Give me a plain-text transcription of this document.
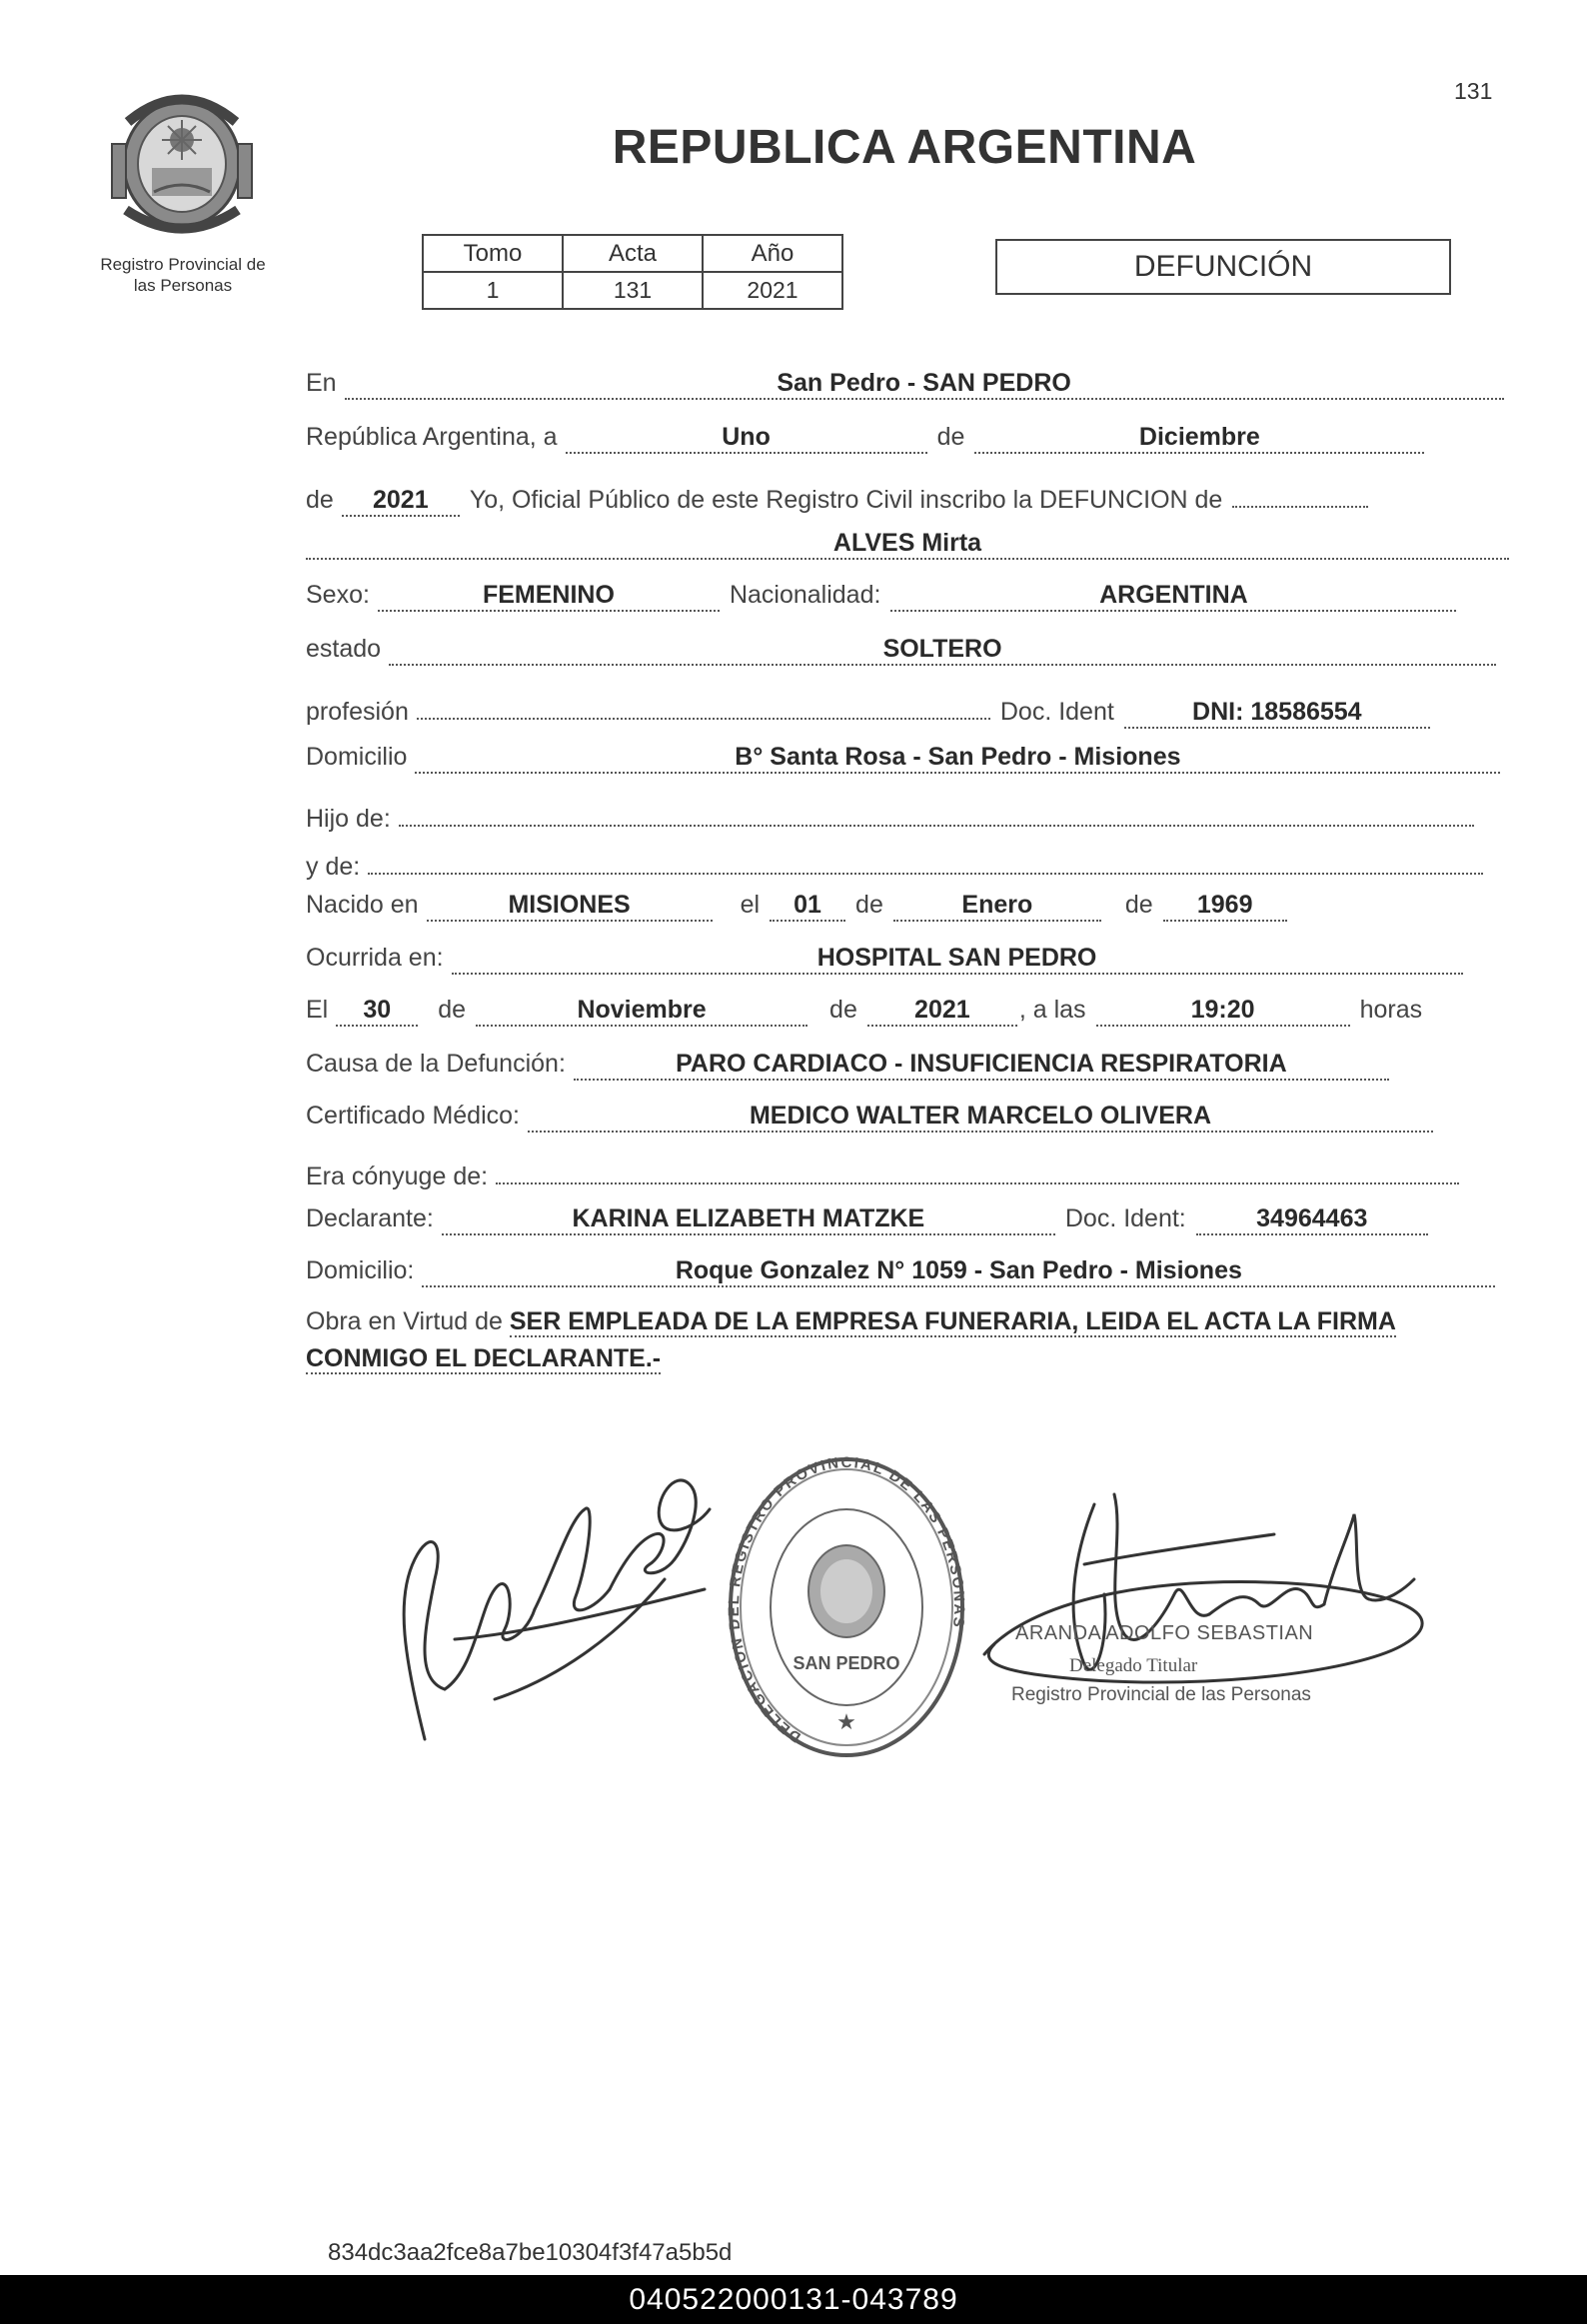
131
Registro Provincial de
las Personas
REPUBLICA ARGENTINA
Tomo	Acta	Año
1	131	2021
DEFUNCIÓN
En	San Pedro - SAN PEDRO
República Argentina, a	Uno	de	Diciembre
de	2021	Yo, Oficial Público de este Registro Civil inscribo la DEFUNCION de
ALVES Mirta
Sexo:	FEMENINO	Nacionalidad:	ARGENTINA
estado	SOLTERO
profesión	Doc. Ident	DNI: 18586554
Domicilio	B° Santa Rosa - San Pedro - Misiones
Hijo de:
y de:
Nacido en	MISIONES	el	01	de	Enero	de	1969
Ocurrida en:	HOSPITAL SAN PEDRO
El	30	de	Noviembre	de	2021	, a las	19:20	horas
Causa de la Defunción:	PARO CARDIACO - INSUFICIENCIA RESPIRATORIA
Certificado Médico:	MEDICO WALTER MARCELO OLIVERA
Era cónyuge de:
Declarante:	KARINA ELIZABETH MATZKE	Doc. Ident:	34964463
Domicilio:	Roque Gonzalez N° 1059 - San Pedro - Misiones
Obra en Virtud de SER EMPLEADA DE LA EMPRESA FUNERARIA, LEIDA EL ACTA LA FIRMA CONMIGO EL DECLARANTE.-
DELEGACION DEL REGISTRO PROVINCIAL DE LAS PERSONAS
SAN PEDRO
★
ARANDA ADOLFO SEBASTIAN
Delegado Titular
Registro Provincial de las Personas
834dc3aa2fce8a7be10304f3f47a5b5d
040522000131-043789
